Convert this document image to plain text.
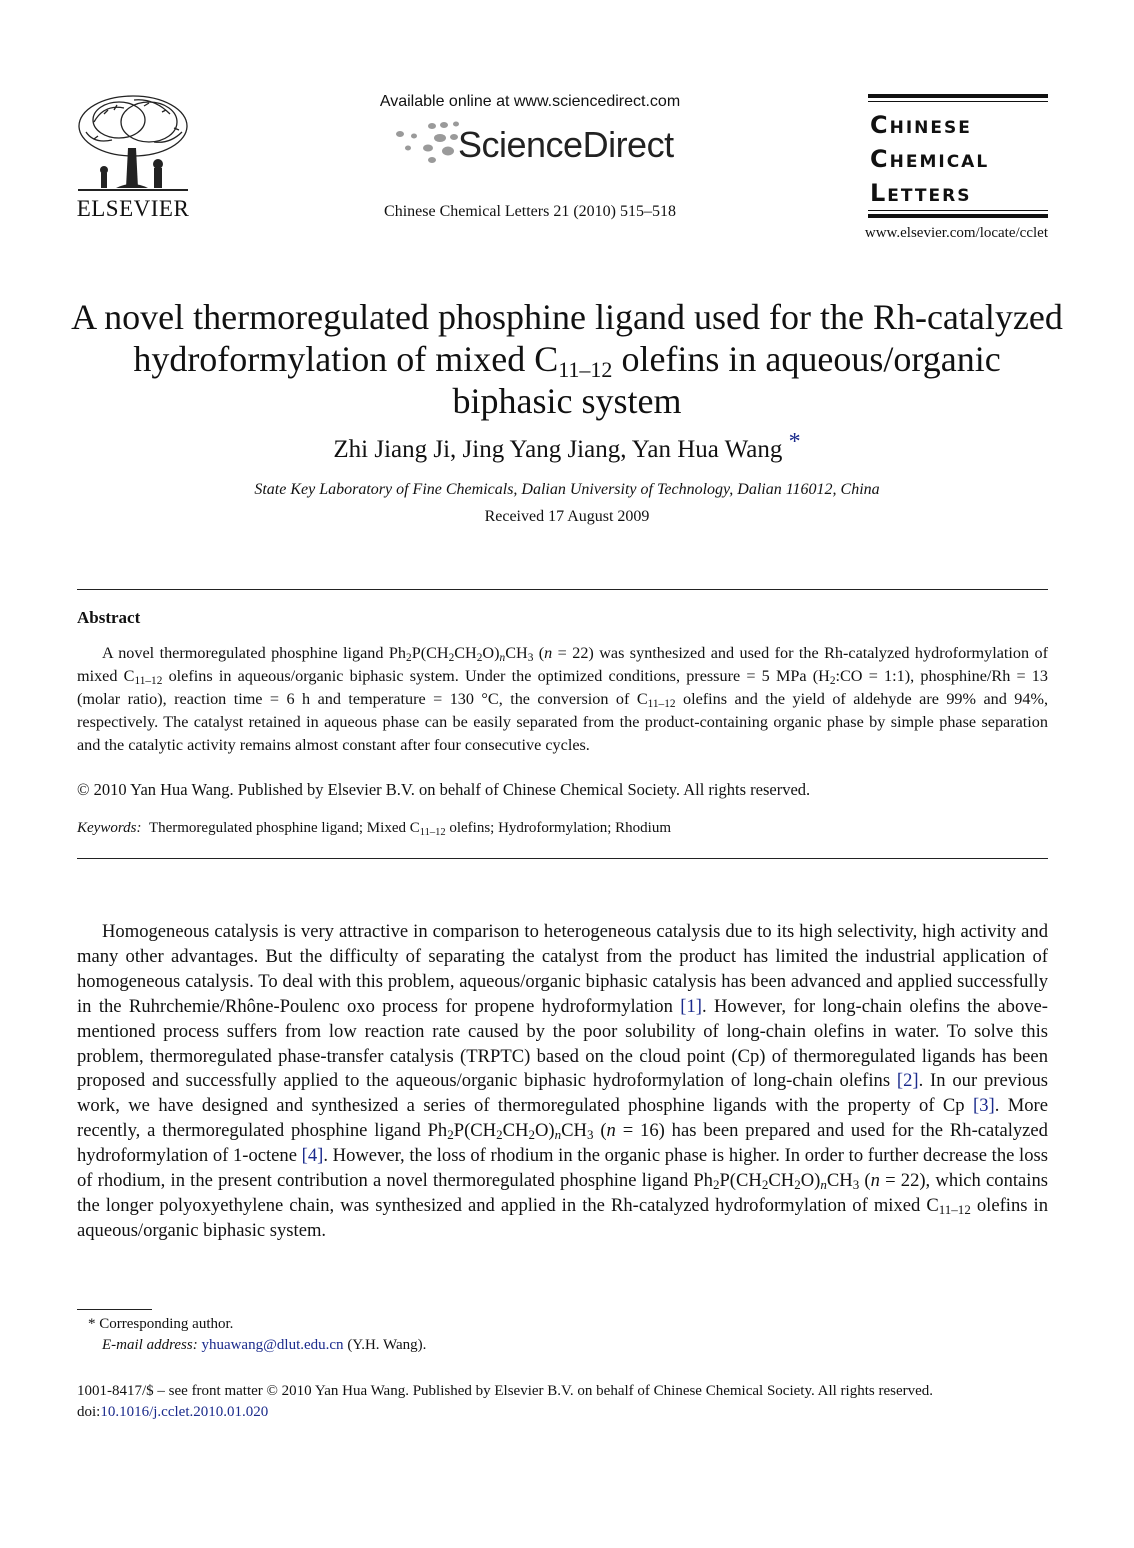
ELSEVIER
Available online at www.sciencedirect.com
ScienceDirect
Chinese Chemical Letters 21 (2010) 515–518
Chinese
Chemical
Letters
www.elsevier.com/locate/cclet
A novel thermoregulated phosphine ligand used for the Rh-catalyzed
hydroformylation of mixed $C_{11-12}$ olefins in aqueous/organic
biphasic system
Zhi Jiang Ji, Jing Yang Jiang, Yan Hua Wang *
State Key Laboratory of Fine Chemicals, Dalian University of Technology, Dalian 116012, China
Received 17 August 2009
Abstract

A novel thermoregulated phosphine ligand $Ph_2P(CH_2CH_2O)_nCH_3$ (n = 22) was synthesized and used for the Rh-catalyzed hydroformylation of mixed $C_{11-12}$ olefins in aqueous/organic biphasic system. Under the optimized conditions, pressure = 5 MPa ($H_2:CO$ = 1:1), phosphine/Rh = 13 (molar ratio), reaction time = 6 h and temperature = 130 °C, the conversion of $C_{11-12}$ olefins and the yield of aldehyde are 99% and 94%, respectively. The catalyst retained in aqueous phase can be easily separated from the product-containing organic phase by simple phase separation and the catalytic activity remains almost constant after four consecutive cycles.

© 2010 Yan Hua Wang. Published by Elsevier B.V. on behalf of Chinese Chemical Society. All rights reserved.
Keywords: Thermoregulated phosphine ligand; Mixed $C_{11-12}$ olefins; Hydroformylation; Rhodium

Homogeneous catalysis is very attractive in comparison to heterogeneous catalysis due to its high selectivity, high activity and many other advantages. But the difficulty of separating the catalyst from the product has limited the industrial application of homogeneous catalysis. To deal with this problem, aqueous/organic biphasic catalysis has been advanced and applied successfully in the Ruhrchemie/Rhône-Poulenc oxo process for propene hydroformylation [1]. However, for long-chain olefins the above-mentioned process suffers from low reaction rate caused by the poor solubility of long-chain olefins in water. To solve this problem, thermoregulated phase-transfer catalysis (TRPTC) based on the cloud point (Cp) of thermoregulated ligands has been proposed and successfully applied to the aqueous/organic biphasic hydroformylation of long-chain olefins [2]. In our previous work, we have designed and synthesized a series of thermoregulated phosphine ligands with the property of Cp [3]. More recently, a thermoregulated phosphine ligand $Ph_2P(CH_2CH_2O)_nCH_3$ (n = 16) has been prepared and used for the Rh-catalyzed hydroformylation of 1-octene [4]. However, the loss of rhodium in the organic phase is higher. In order to further decrease the loss of rhodium, in the present contribution a novel thermoregulated phosphine ligand $Ph_2P(CH_2CH_2O)_nCH_3$ (n = 22), which contains the longer polyoxyethylene chain, was synthesized and applied in the Rh-catalyzed hydroformylation of mixed $C_{11-12}$ olefins in aqueous/organic biphasic system.

* Corresponding author.
E-mail address: yhuawang@dlut.edu.cn (Y.H. Wang).
1001-8417/$ – see front matter © 2010 Yan Hua Wang. Published by Elsevier B.V. on behalf of Chinese Chemical Society. All rights reserved.
doi:10.1016/j.cclet.2010.01.020
